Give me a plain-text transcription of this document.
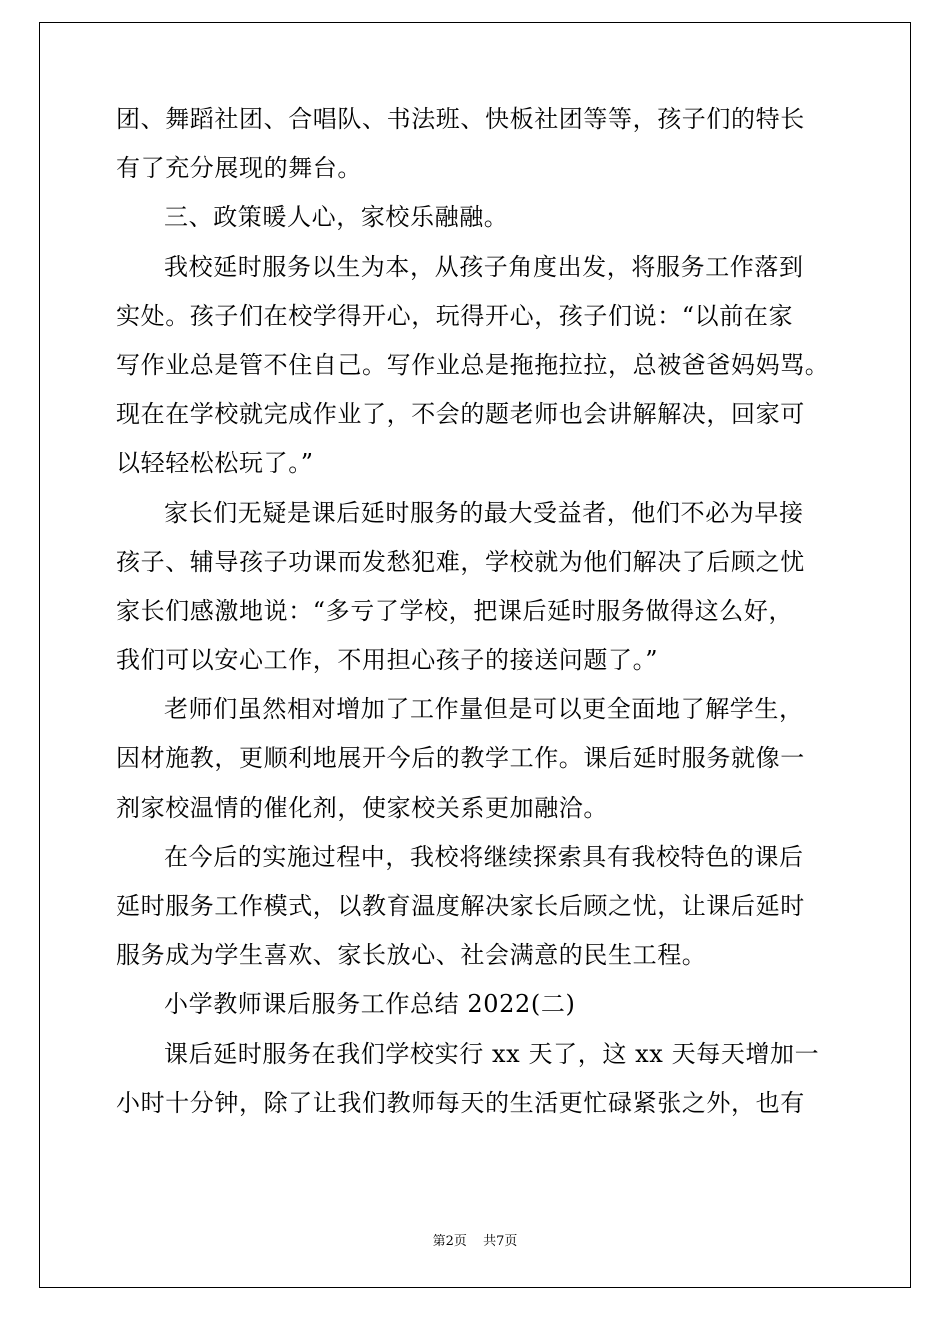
团、舞蹈社团、合唱队、书法班、快板社团等等，孩子们的特长
有了充分展现的舞台。
三、政策暖人心，家校乐融融。
我校延时服务以生为本，从孩子角度出发，将服务工作落到
实处。孩子们在校学得开心，玩得开心，孩子们说：“以前在家
写作业总是管不住自己。写作业总是拖拖拉拉，总被爸爸妈妈骂。
现在在学校就完成作业了，不会的题老师也会讲解解决，回家可
以轻轻松松玩了。”
家长们无疑是课后延时服务的最大受益者，他们不必为早接
孩子、辅导孩子功课而发愁犯难，学校就为他们解决了后顾之忧
家长们感激地说：“多亏了学校，把课后延时服务做得这么好，
我们可以安心工作，不用担心孩子的接送问题了。”
老师们虽然相对增加了工作量但是可以更全面地了解学生，
因材施教，更顺利地展开今后的教学工作。课后延时服务就像一
剂家校温情的催化剂，使家校关系更加融洽。
在今后的实施过程中，我校将继续探索具有我校特色的课后
延时服务工作模式，以教育温度解决家长后顾之忧，让课后延时
服务成为学生喜欢、家长放心、社会满意的民生工程。
小学教师课后服务工作总结 2022(二)
课后延时服务在我们学校实行 xx 天了，这 xx 天每天增加一
小时十分钟，除了让我们教师每天的生活更忙碌紧张之外，也有
第2页 共7页
